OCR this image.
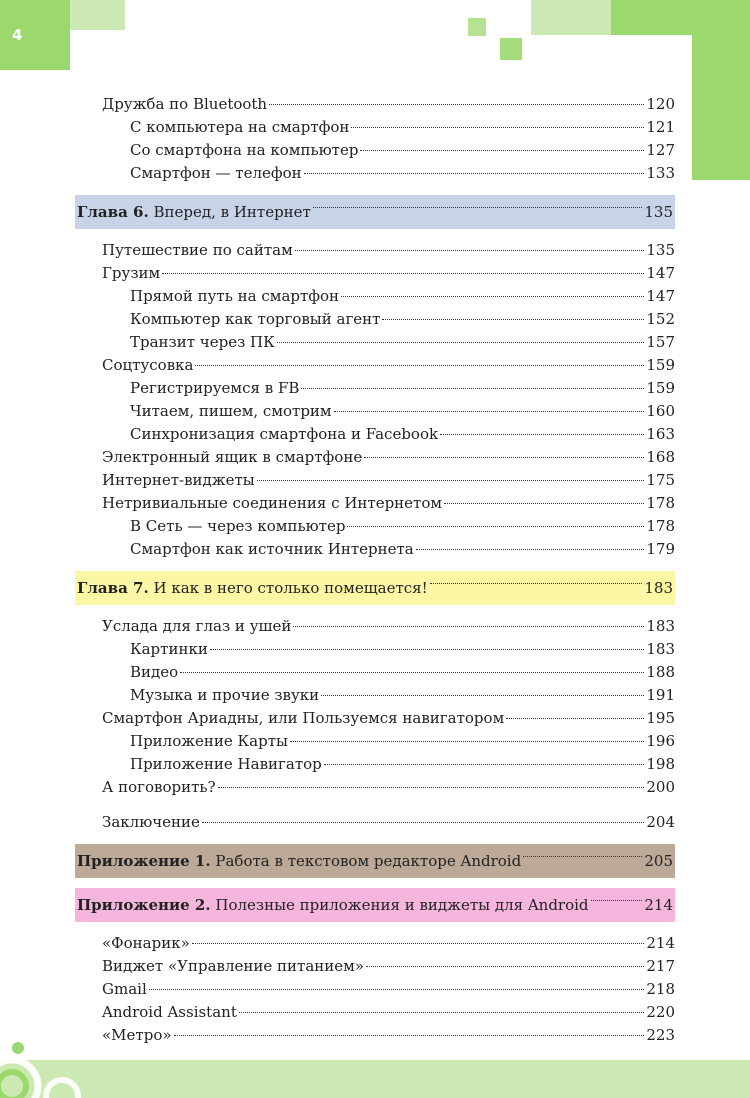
4
Дружба по Bluetooth	120
С компьютера на смартфон	121
Со смартфона на компьютер	127
Смартфон — телефон	133
Глава 6. Вперед, в Интернет	135
Путешествие по сайтам	135
Грузим	147
Прямой путь на смартфон	147
Компьютер как торговый агент	152
Транзит через ПК	157
Соцтусовка	159
Регистрируемся в FB	159
Читаем, пишем, смотрим	160
Синхронизация смартфона и Facebook	163
Электронный ящик в смартфоне	168
Интернет-виджеты	175
Нетривиальные соединения с Интернетом	178
В Сеть — через компьютер	178
Смартфон как источник Интернета	179
Глава 7. И как в него столько помещается!	183
Услада для глаз и ушей	183
Картинки	183
Видео	188
Музыка и прочие звуки	191
Смартфон Ариадны, или Пользуемся навигатором	195
Приложение Карты	196
Приложение Навигатор	198
А поговорить?	200
Заключение	204
Приложение 1. Работа в текстовом редакторе Android	205
Приложение 2. Полезные приложения и виджеты для Android	214
«Фонарик»	214
Виджет «Управление питанием»	217
Gmail	218
Android Assistant	220
«Метро»	223
